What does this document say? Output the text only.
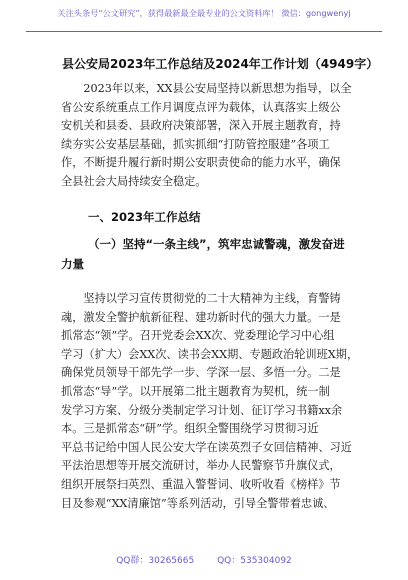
关注头条号“公文研究”，获得最新最全最专业的公文资料库！ 微信：gongwenyj
县公安局2023年工作总结及2024年工作计划（4949字）
　　2023年以来，XX县公安局坚持以新思想为指导，以全
省公安系统重点工作月调度点评为载体，认真落实上级公
安机关和县委、县政府决策部署，深入开展主题教育，持
续夯实公安基层基础，抓实抓细“打防管控服建”各项工
作，不断提升履行新时期公安职责使命的能力水平，确保
全县社会大局持续安全稳定。
一、2023年工作总结
（一）坚持“一条主线”，筑牢忠诚警魂，激发奋进
力量
　　坚持以学习宣传贯彻党的二十大精神为主线，育警铸
魂，激发全警护航新征程、建功新时代的强大力量。一是
抓常态“领”学。召开党委会XX次、党委理论学习中心组
学习（扩大）会XX次、读书会XX期、专题政治轮训班X期，
确保党员领导干部先学一步、学深一层、多悟一分。二是
抓常态“导”学。以开展第二批主题教育为契机，统一制
发学习方案、分级分类制定学习计划、征订学习书籍xx余
本。三是抓常态“研”学。组织全警围绕学习贯彻习近
平总书记给中国人民公安大学在读英烈子女回信精神、习近
平法治思想等开展交流研讨，举办人民警察节升旗仪式，
组织开展祭扫英烈、重温入警誓词、收听收看《榜样》节
目及参观“XX清廉馆”等系列活动，引导全警带着忠诚、
QQ群：30265665	QQ：535304092
